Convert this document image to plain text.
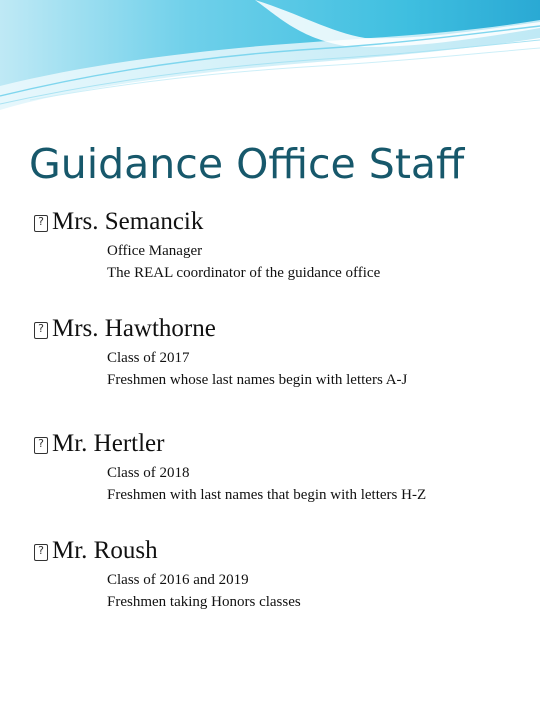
Guidance Office Staff
?
Mrs. Semancik
Office Manager
The REAL coordinator of the guidance office
?
Mrs. Hawthorne
Class of 2017
Freshmen whose last names begin with letters A-J
?
Mr. Hertler
Class of 2018
Freshmen with last names that begin with letters H-Z
?
Mr. Roush
Class of 2016 and 2019
Freshmen taking Honors classes
